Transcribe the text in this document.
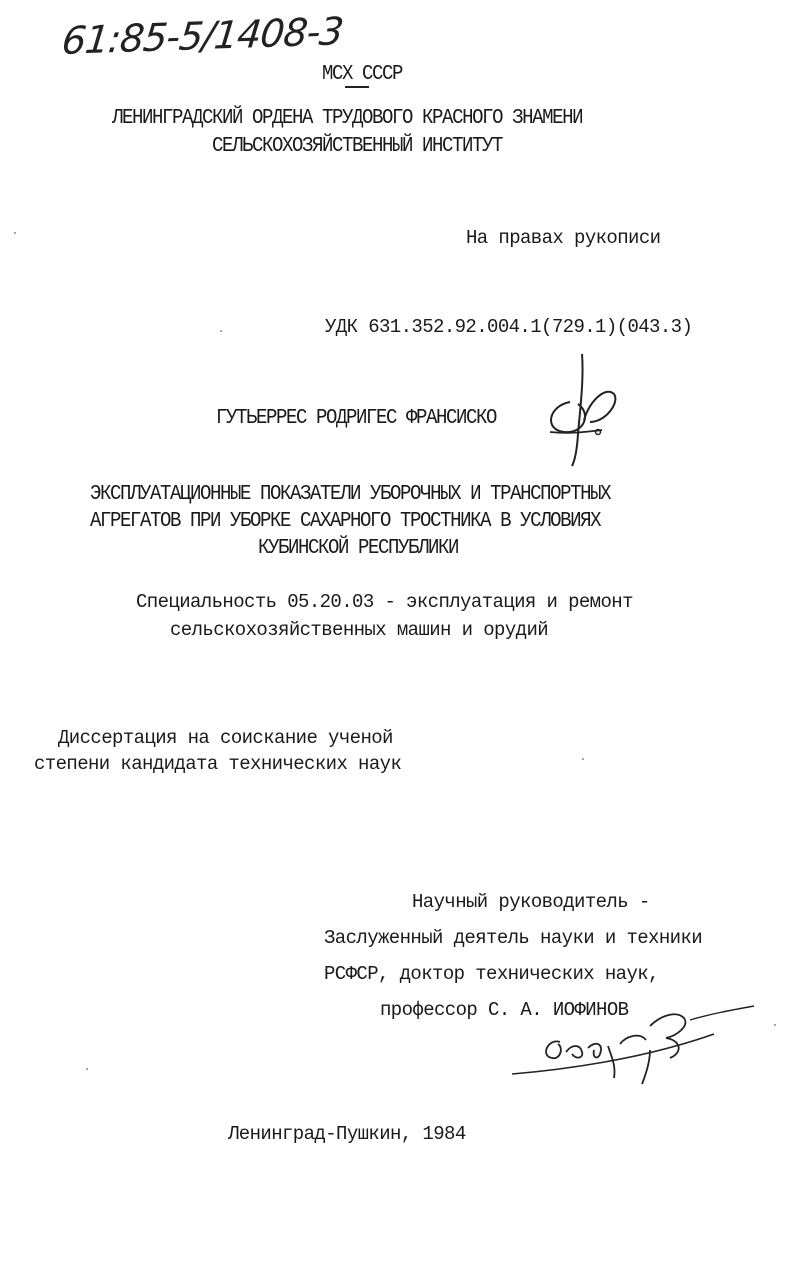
61:85-5/1408-3
МСХ СССР
ЛЕНИНГРАДСКИЙ ОРДЕНА ТРУДОВОГО КРАСНОГО ЗНАМЕНИ
СЕЛЬСКОХОЗЯЙСТВЕННЫЙ ИНСТИТУТ
На правах рукописи
УДК 631.352.92.004.1(729.1)(043.3)
ГУТЬЕРРЕС РОДРИГЕС ФРАНСИСКО
ЭКСПЛУАТАЦИОННЫЕ ПОКАЗАТЕЛИ УБОРОЧНЫХ И ТРАНСПОРТНЫХ
АГРЕГАТОВ ПРИ УБОРКЕ САХАРНОГО ТРОСТНИКА В УСЛОВИЯХ
КУБИНСКОЙ РЕСПУБЛИКИ
Специальность 05.20.03 - эксплуатация и ремонт
сельскохозяйственных машин и орудий
Диссертация на соискание ученой
степени кандидата технических наук
Научный руководитель -
Заслуженный деятель науки и техники
РСФСР, доктор технических наук,
профессор С. А. ИОФИНОВ
Ленинград-Пушкин, 1984
